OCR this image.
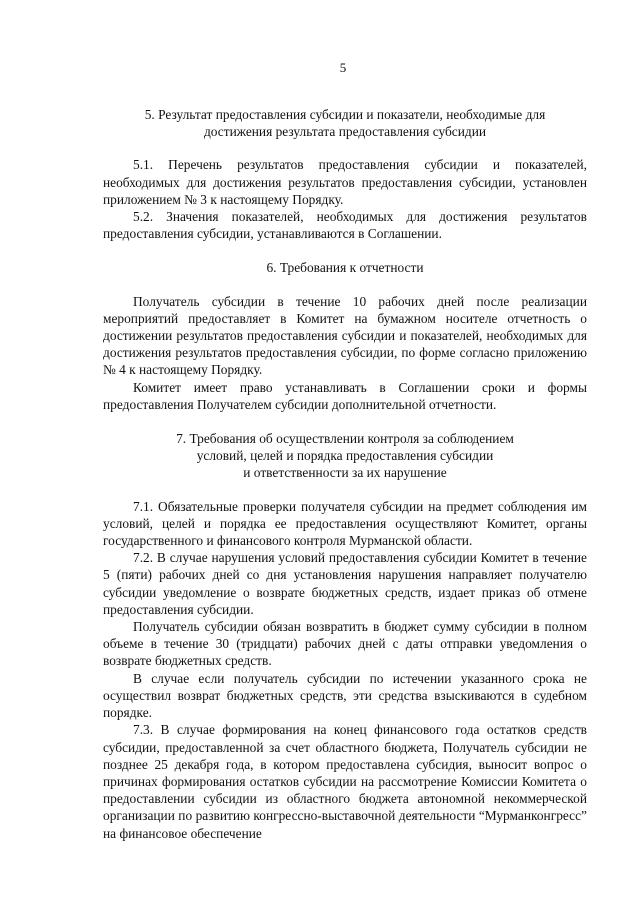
5
5. Результат предоставления субсидии и показатели, необходимые для
достижения результата предоставления субсидии

5.1. Перечень результатов предоставления субсидии и показателей, необходимых для достижения результатов предоставления субсидии, установлен приложением № 3 к настоящему Порядку.

5.2. Значения показателей, необходимых для достижения результатов предоставления субсидии, устанавливаются в Соглашении.

6. Требования к отчетности

Получатель субсидии в течение 10 рабочих дней после реализации мероприятий предоставляет в Комитет на бумажном носителе отчетность о достижении результатов предоставления субсидии и показателей, необходимых для достижения результатов предоставления субсидии, по форме согласно приложению № 4 к настоящему Порядку.

Комитет имеет право устанавливать в Соглашении сроки и формы предоставления Получателем субсидии дополнительной отчетности.

7. Требования об осуществлении контроля за соблюдением
условий, целей и порядка предоставления субсидии
и ответственности за их нарушение

7.1. Обязательные проверки получателя субсидии на предмет соблюдения им условий, целей и порядка ее предоставления осуществляют Комитет, органы государственного и финансового контроля Мурманской области.

7.2. В случае нарушения условий предоставления субсидии Комитет в течение 5 (пяти) рабочих дней со дня установления нарушения направляет получателю субсидии уведомление о возврате бюджетных средств, издает приказ об отмене предоставления субсидии.

Получатель субсидии обязан возвратить в бюджет сумму субсидии в полном объеме в течение 30 (тридцати) рабочих дней с даты отправки уведомления о возврате бюджетных средств.

В случае если получатель субсидии по истечении указанного срока не осуществил возврат бюджетных средств, эти средства взыскиваются в судебном порядке.

7.3. В случае формирования на конец финансового года остатков средств субсидии, предоставленной за счет областного бюджета, Получатель субсидии не позднее 25 декабря года, в котором предоставлена субсидия, выносит вопрос о причинах формирования остатков субсидии на рассмотрение Комиссии Комитета о предоставлении субсидии из областного бюджета автономной некоммерческой организации по развитию конгрессно-выставочной деятельности “Мурманконгресс” на финансовое обеспечение
